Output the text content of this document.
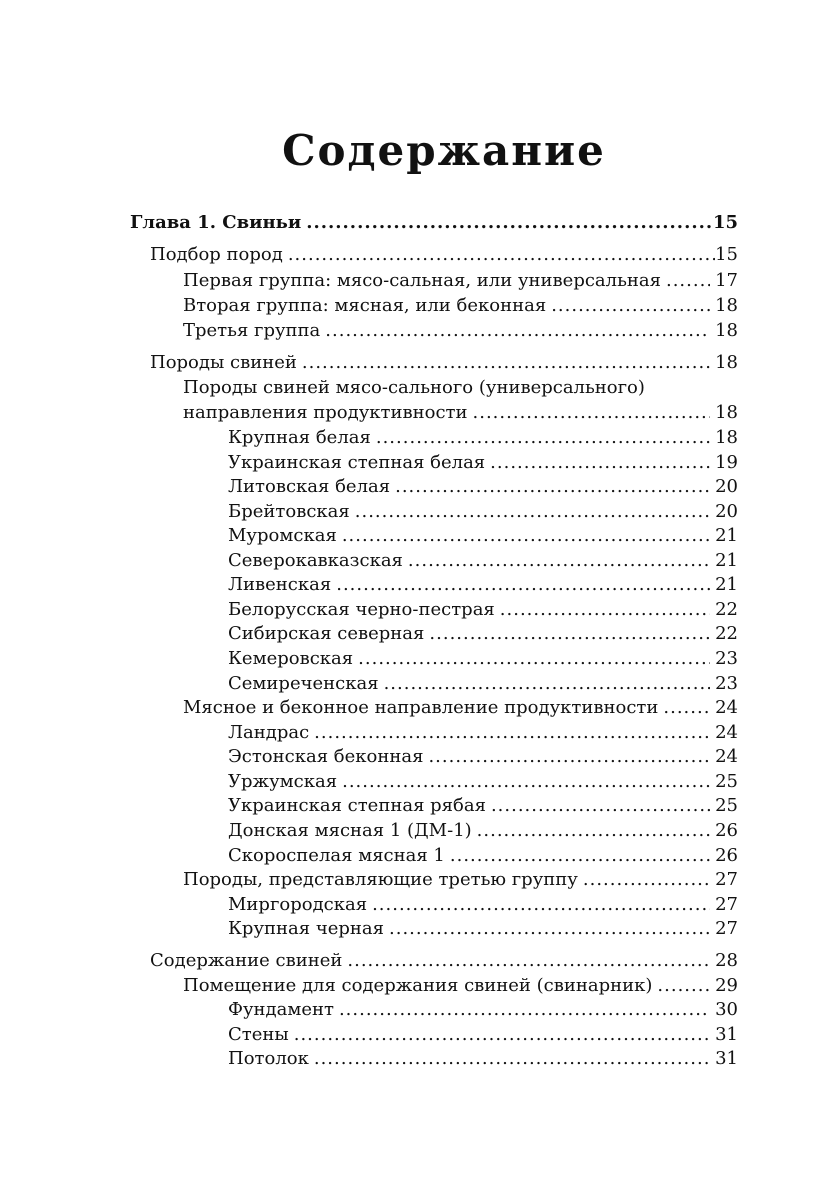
Содержание
Глава 1. Свиньи .....	15
Подбор пород .....	15
Первая группа: мясо-сальная, или универсальная .....	17
Вторая группа: мясная, или беконная .....	18
Третья группа .....	18
Породы свиней .....	18
Породы свиней мясо-сального (универсального)
направления продуктивности .....	18
Крупная белая .....	18
Украинская степная белая .....	19
Литовская белая .....	20
Брейтовская .....	20
Муромская .....	21
Северокавказская .....	21
Ливенская .....	21
Белорусская черно-пестрая .....	22
Сибирская северная .....	22
Кемеровская .....	23
Семиреченская .....	23
Мясное и беконное направление продуктивности .....	24
Ландрас .....	24
Эстонская беконная .....	24
Уржумская .....	25
Украинская степная рябая .....	25
Донская мясная 1 (ДМ-1) .....	26
Скороспелая мясная 1 .....	26
Породы, представляющие третью группу .....	27
Миргородская .....	27
Крупная черная .....	27
Содержание свиней .....	28
Помещение для содержания свиней (свинарник) .....	29
Фундамент .....	30
Стены .....	31
Потолок .....	31
